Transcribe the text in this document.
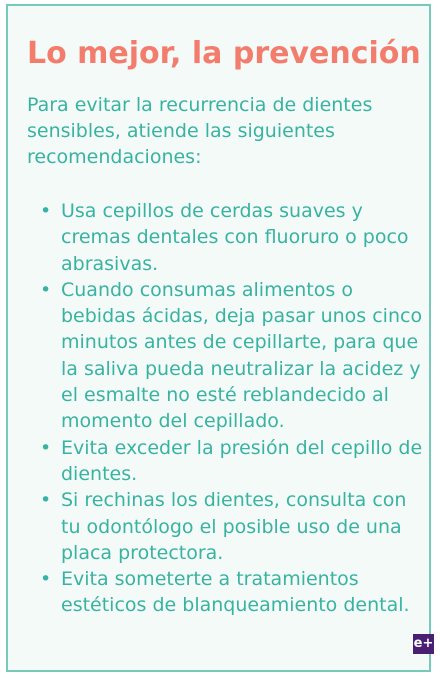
Lo mejor, la prevención

Para evitar la recurrencia de dientes sensibles, atiende las siguientes recomendaciones:

• Usa cepillos de cerdas suaves y cremas dentales con fluoruro o poco abrasivas.
• Cuando consumas alimentos o bebidas ácidas, deja pasar unos cinco minutos antes de cepillarte, para que la saliva pueda neutralizar la acidez y el esmalte no esté reblandecido al momento del cepillado.
• Evita exceder la presión del cepillo de dientes.
• Si rechinas los dientes, consulta con tu odontólogo el posible uso de una placa protectora.
• Evita someterte a tratamientos estéticos de blanqueamiento dental.
e+
